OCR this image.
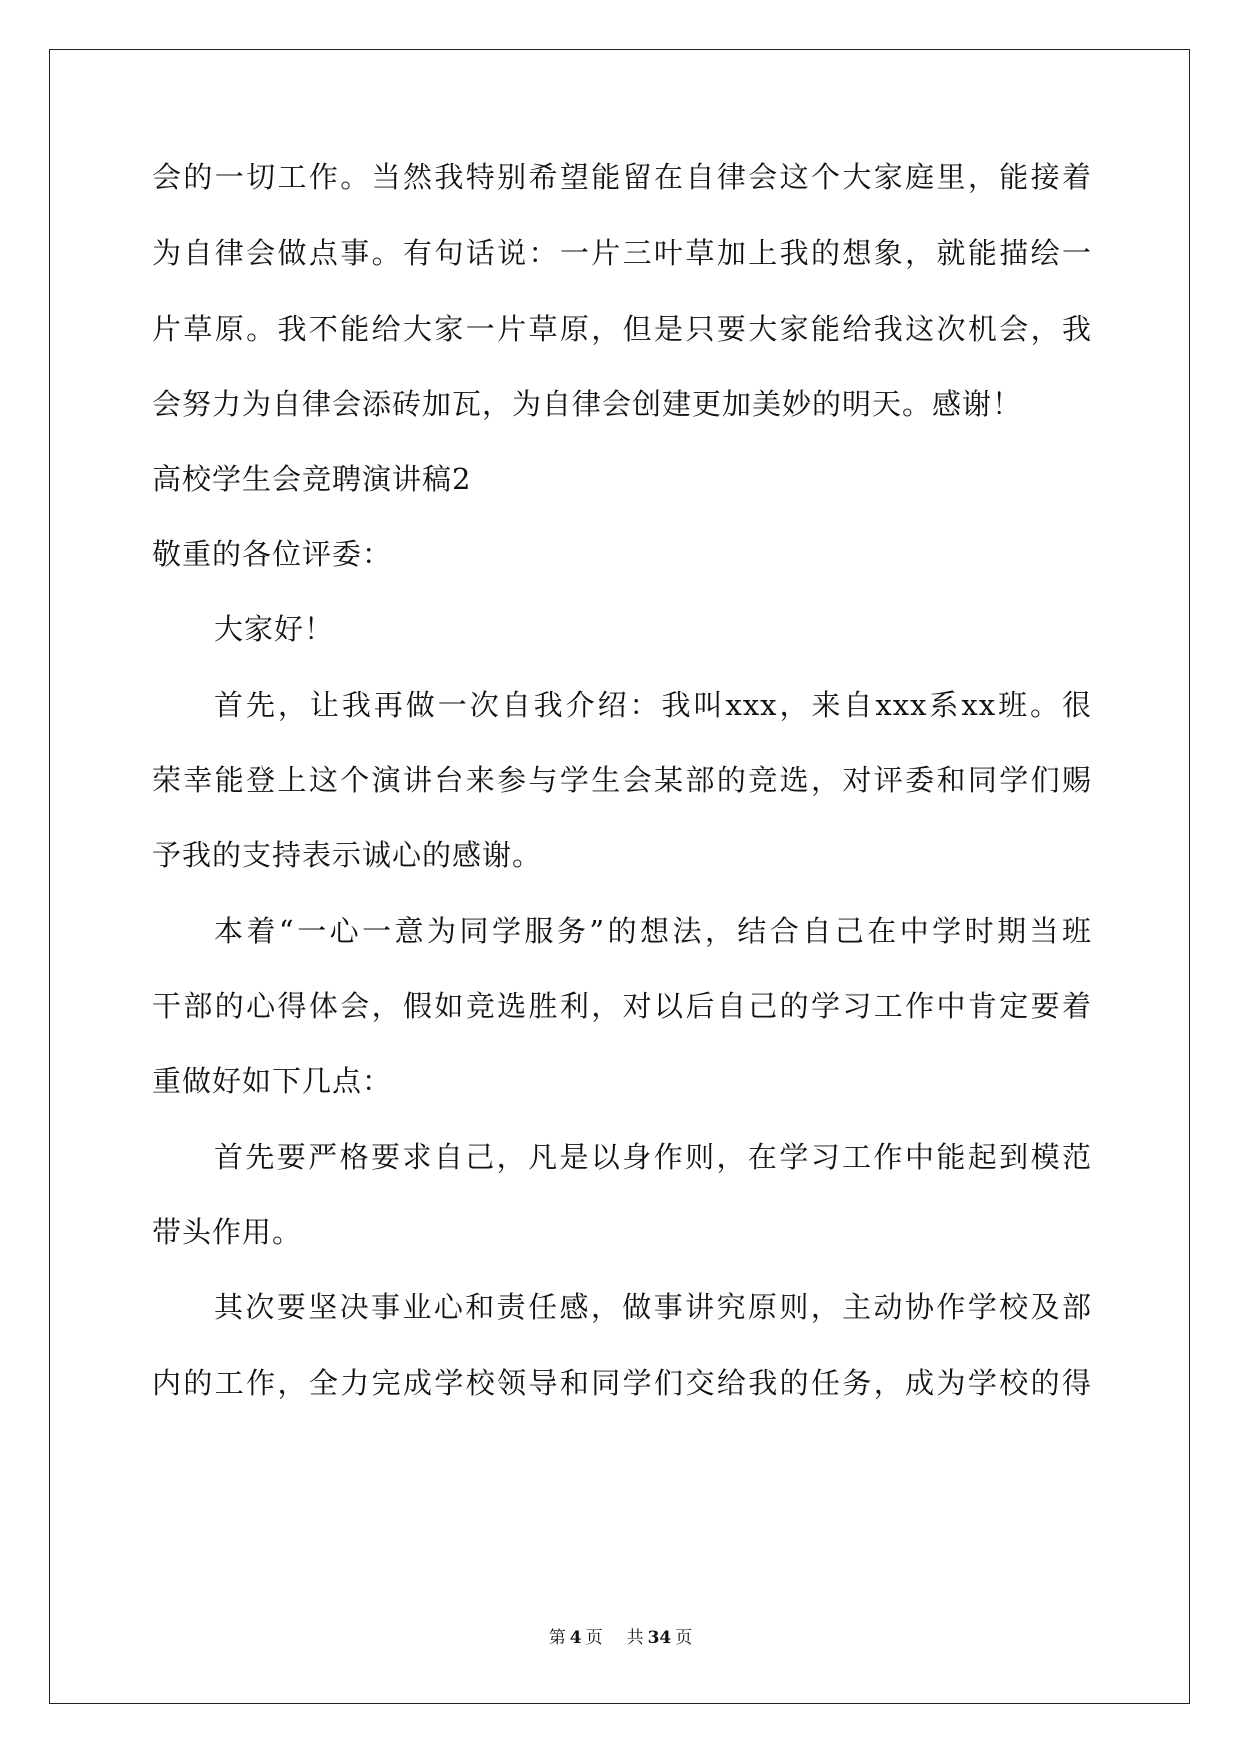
会的一切工作。当然我特别希望能留在自律会这个大家庭里，能接着
为自律会做点事。有句话说：一片三叶草加上我的想象，就能描绘一
片草原。我不能给大家一片草原，但是只要大家能给我这次机会，我
会努力为自律会添砖加瓦，为自律会创建更加美妙的明天。感谢！
高校学生会竞聘演讲稿2
敬重的各位评委：
大家好！
首先，让我再做一次自我介绍：我叫xxx，来自xxx系xx班。很
荣幸能登上这个演讲台来参与学生会某部的竞选，对评委和同学们赐
予我的支持表示诚心的感谢。
本着“一心一意为同学服务”的想法，结合自己在中学时期当班
干部的心得体会，假如竞选胜利，对以后自己的学习工作中肯定要着
重做好如下几点：
首先要严格要求自己，凡是以身作则，在学习工作中能起到模范
带头作用。
其次要坚决事业心和责任感，做事讲究原则，主动协作学校及部
内的工作，全力完成学校领导和同学们交给我的任务，成为学校的得
第 4 页 共 34 页
